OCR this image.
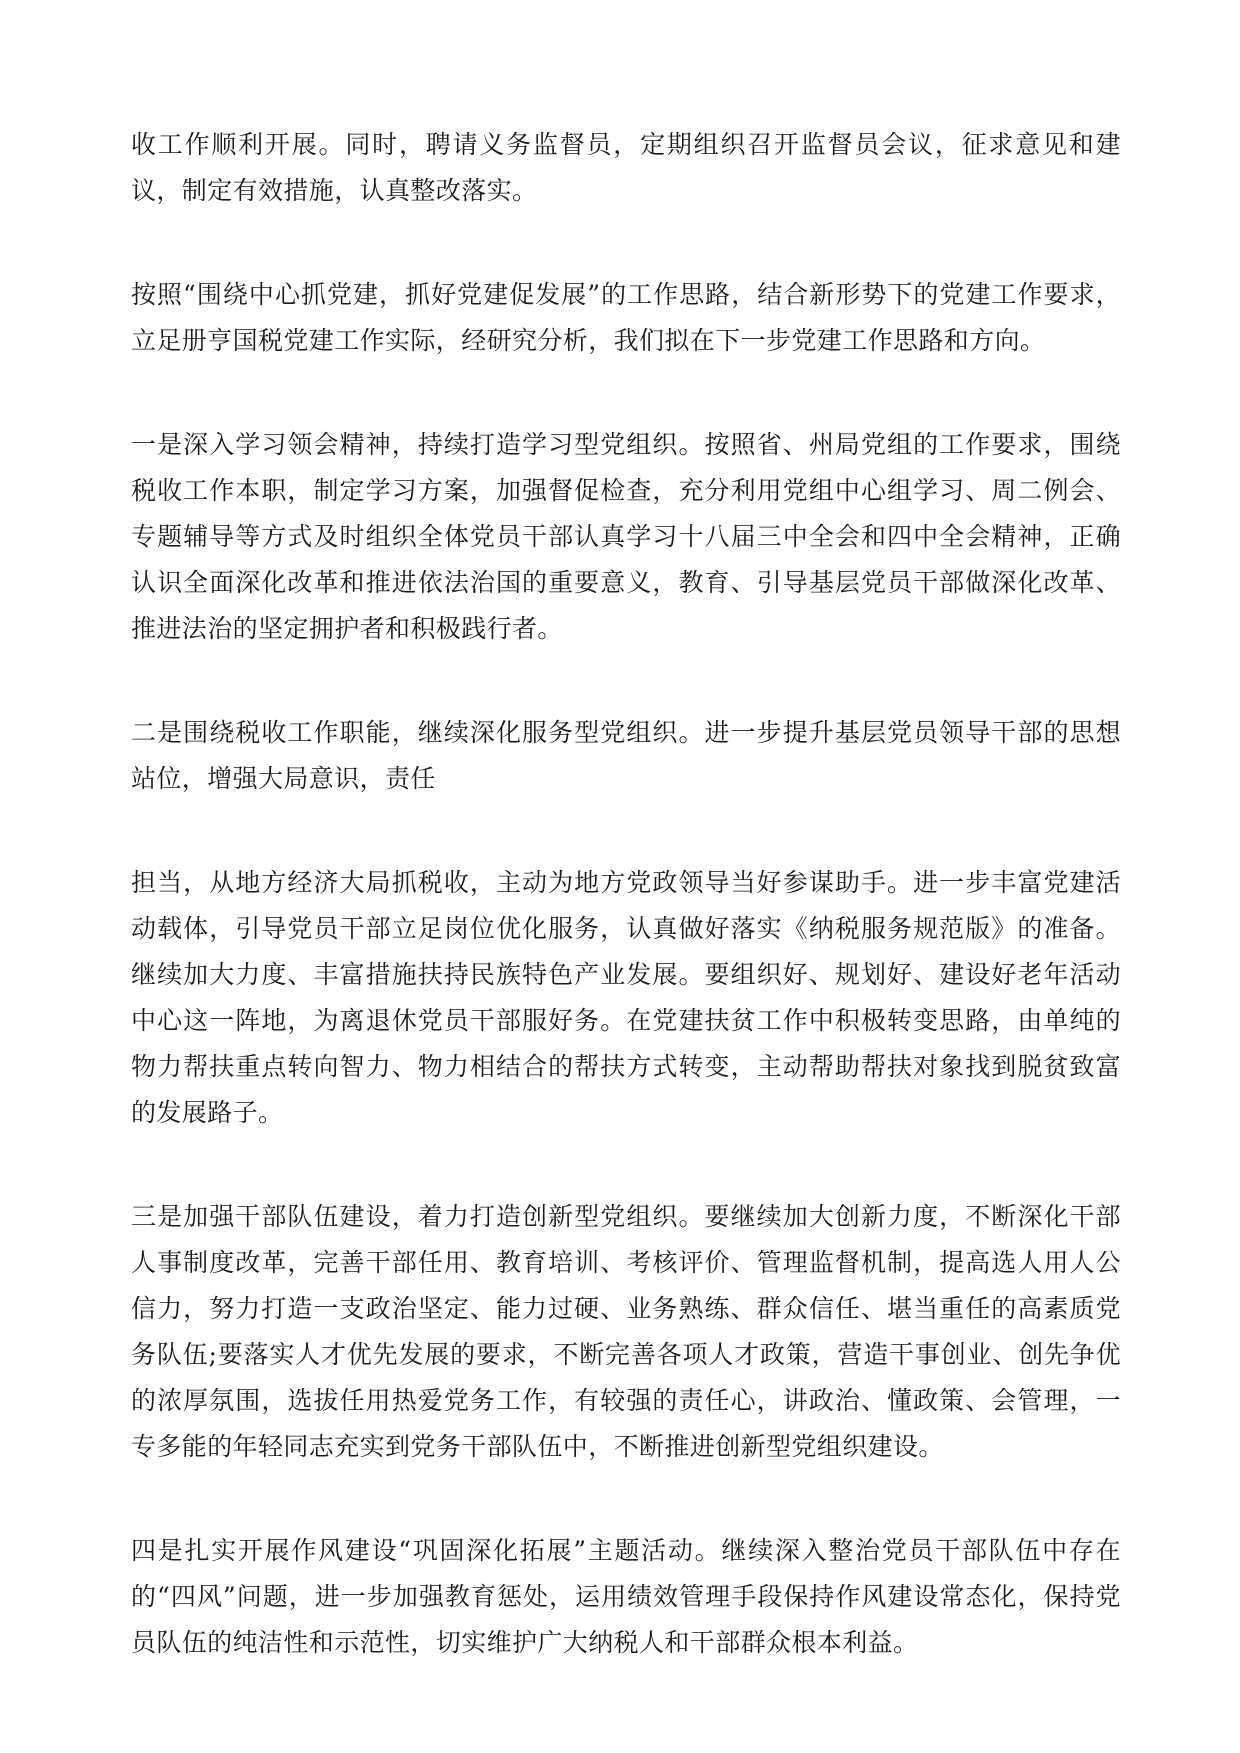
收工作顺利开展。同时，聘请义务监督员，定期组织召开监督员会议，征求意见和建议，制定有效措施，认真整改落实。

按照“围绕中心抓党建，抓好党建促发展”的工作思路，结合新形势下的党建工作要求，立足册亨国税党建工作实际，经研究分析，我们拟在下一步党建工作思路和方向。

一是深入学习领会精神，持续打造学习型党组织。按照省、州局党组的工作要求，围绕税收工作本职，制定学习方案，加强督促检查，充分利用党组中心组学习、周二例会、专题辅导等方式及时组织全体党员干部认真学习十八届三中全会和四中全会精神，正确认识全面深化改革和推进依法治国的重要意义，教育、引导基层党员干部做深化改革、推进法治的坚定拥护者和积极践行者。

二是围绕税收工作职能，继续深化服务型党组织。进一步提升基层党员领导干部的思想站位，增强大局意识，责任

担当，从地方经济大局抓税收，主动为地方党政领导当好参谋助手。进一步丰富党建活动载体，引导党员干部立足岗位优化服务，认真做好落实《纳税服务规范版》的准备。继续加大力度、丰富措施扶持民族特色产业发展。要组织好、规划好、建设好老年活动中心这一阵地，为离退休党员干部服好务。在党建扶贫工作中积极转变思路，由单纯的物力帮扶重点转向智力、物力相结合的帮扶方式转变，主动帮助帮扶对象找到脱贫致富的发展路子。

三是加强干部队伍建设，着力打造创新型党组织。要继续加大创新力度，不断深化干部人事制度改革，完善干部任用、教育培训、考核评价、管理监督机制，提高选人用人公信力，努力打造一支政治坚定、能力过硬、业务熟练、群众信任、堪当重任的高素质党务队伍;要落实人才优先发展的要求，不断完善各项人才政策，营造干事创业、创先争优的浓厚氛围，选拔任用热爱党务工作，有较强的责任心，讲政治、懂政策、会管理，一专多能的年轻同志充实到党务干部队伍中，不断推进创新型党组织建设。

四是扎实开展作风建设“巩固深化拓展”主题活动。继续深入整治党员干部队伍中存在的“四风”问题，进一步加强教育惩处，运用绩效管理手段保持作风建设常态化，保持党员队伍的纯洁性和示范性，切实维护广大纳税人和干部群众根本利益。
